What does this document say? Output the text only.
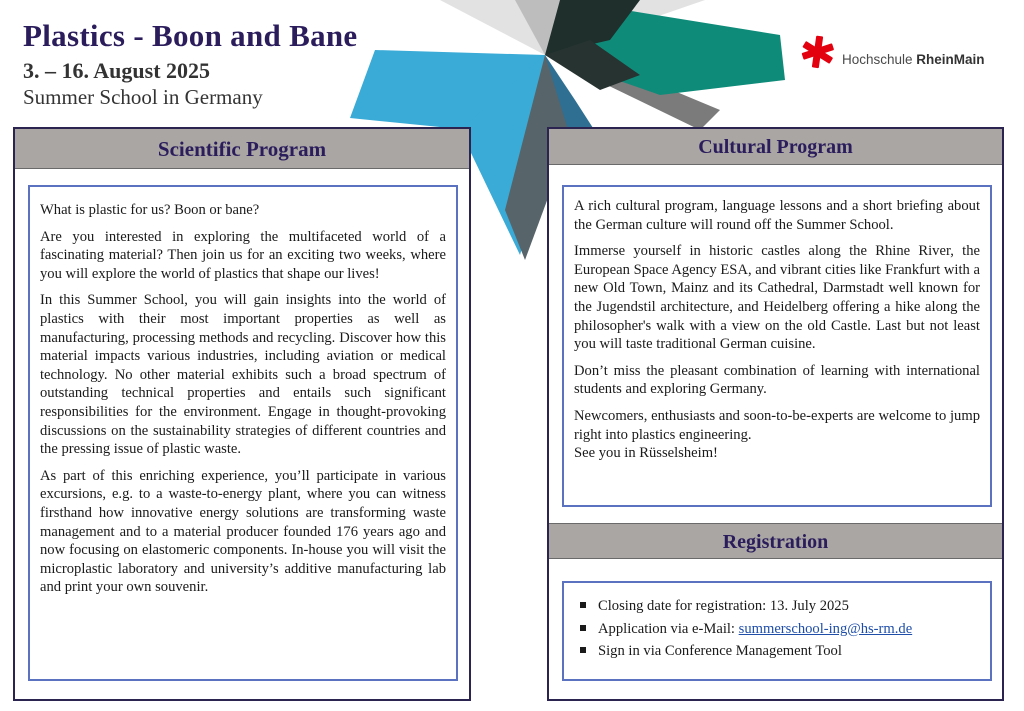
Plastics - Boon and Bane
3. – 16. August 2025
Summer School in Germany
Hochschule RheinMain
Scientific Program

What is plastic for us? Boon or bane?

Are you interested in exploring the multifaceted world of a fascinating material? Then join us for an exciting two weeks, where you will explore the world of plastics that shape our lives!

In this Summer School, you will gain insights into the world of plastics with their most important properties as well as manufacturing, processing methods and recycling. Discover how this material impacts various industries, including aviation or medical technology. No other material exhibits such a broad spectrum of outstanding technical properties and entails such significant responsibilities for the environment. Engage in thought-provoking discussions on the sustainability strategies of different countries and the pressing issue of plastic waste.

As part of this enriching experience, you’ll participate in various excursions, e.g. to a waste-to-energy plant, where you can witness firsthand how innovative energy solutions are transforming waste management and to a material producer founded 176 years ago and now focusing on elastomeric components. In-house you will visit the microplastic laboratory and university’s additive manufacturing lab and print your own souvenir.

Cultural Program

A rich cultural program, language lessons and a short briefing about the German culture will round off the Summer School.

Immerse yourself in historic castles along the Rhine River, the European Space Agency ESA, and vibrant cities like Frankfurt with a new Old Town, Mainz and its Cathedral, Darmstadt well known for the Jugendstil architecture, and Heidelberg offering a hike along the philosopher's walk with a view on the old Castle. Last but not least you will taste traditional German cuisine.

Don’t miss the pleasant combination of learning with international students and exploring Germany.

Newcomers, enthusiasts and soon-to-be-experts are welcome to jump right into plastics engineering.

See you in Rüsselsheim!

Registration
Closing date for registration: 13. July 2025
Application via e-Mail: summerschool-ing@hs-rm.de
Sign in via Conference Management Tool
